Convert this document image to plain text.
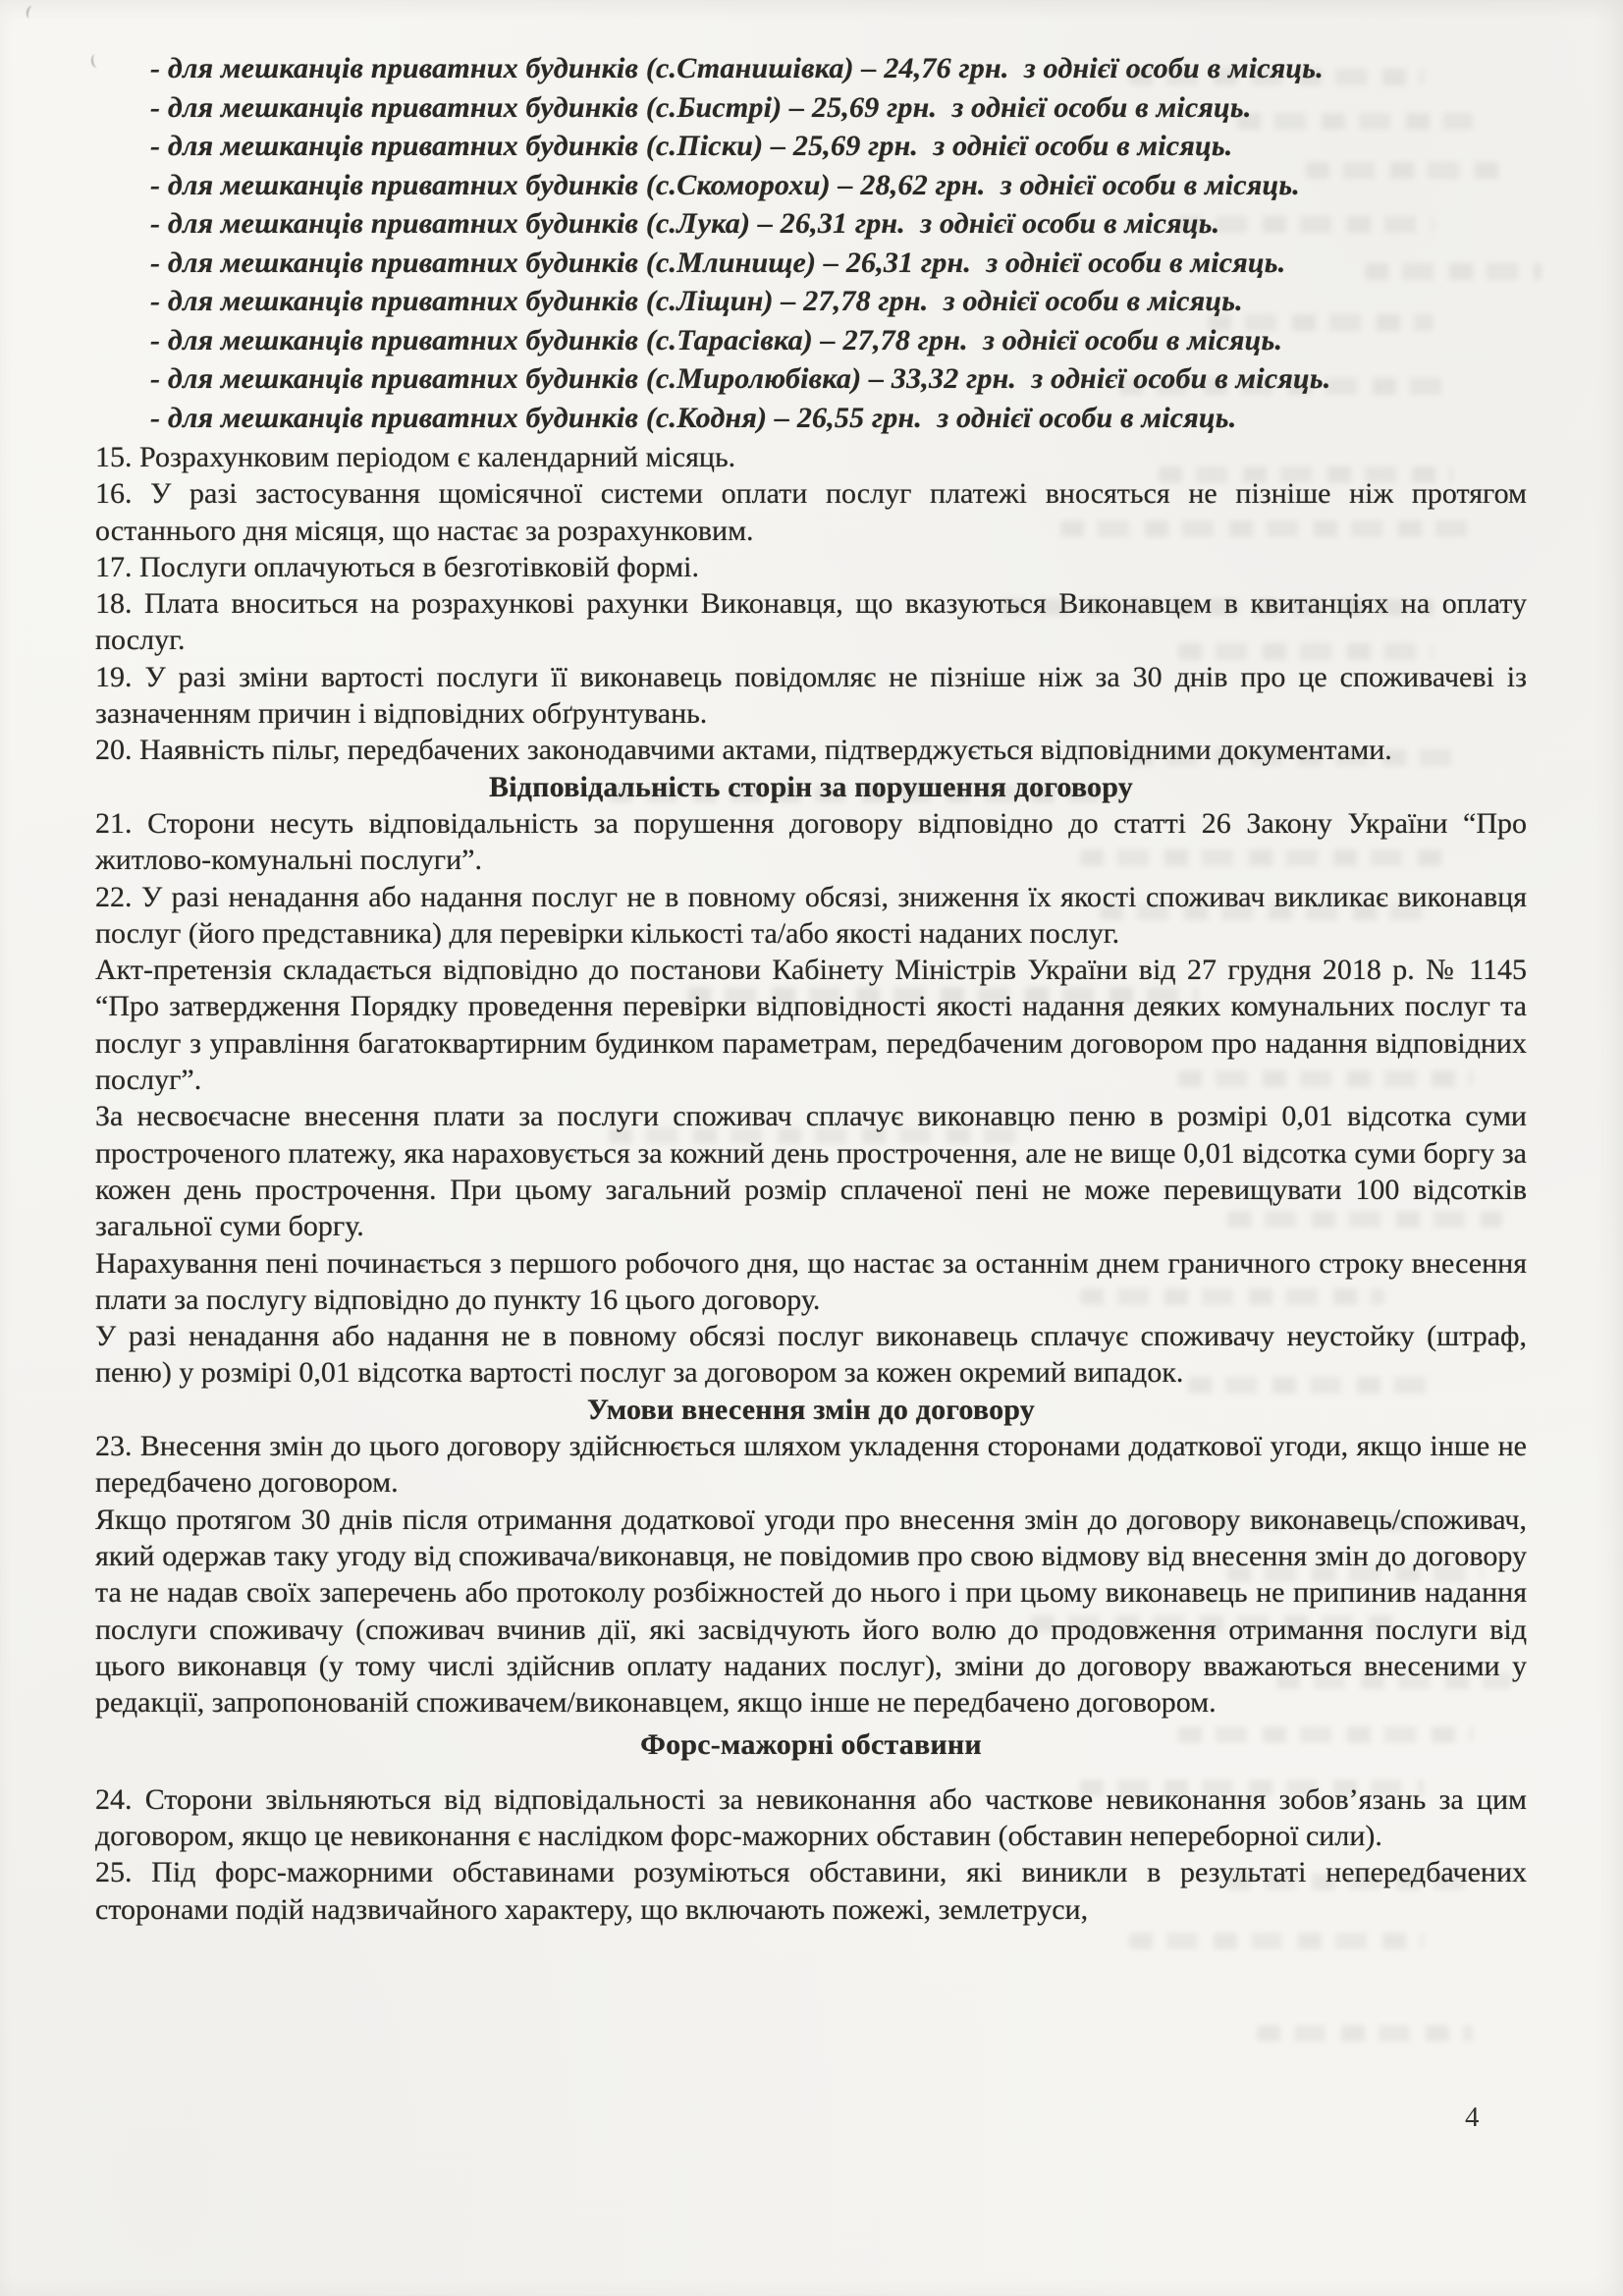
- для мешканців приватних будинків (с.Станишівка) – 24,76 грн.  з однієї особи в місяць.
- для мешканців приватних будинків (с.Бистрі) – 25,69 грн.  з однієї особи в місяць.
- для мешканців приватних будинків (с.Піски) – 25,69 грн.  з однієї особи в місяць.
- для мешканців приватних будинків (с.Скоморохи) – 28,62 грн.  з однієї особи в місяць.
- для мешканців приватних будинків (с.Лука) – 26,31 грн.  з однієї особи в місяць.
- для мешканців приватних будинків (с.Млинище) – 26,31 грн.  з однієї особи в місяць.
- для мешканців приватних будинків (с.Ліщин) – 27,78 грн.  з однієї особи в місяць.
- для мешканців приватних будинків (с.Тарасівка) – 27,78 грн.  з однієї особи в місяць.
- для мешканців приватних будинків (с.Миролюбівка) – 33,32 грн.  з однієї особи в місяць.
- для мешканців приватних будинків (с.Кодня) – 26,55 грн.  з однієї особи в місяць.

15. Розрахунковим періодом є календарний місяць.

16. У разі застосування щомісячної системи оплати послуг платежі вносяться не пізніше ніж протягом останнього дня місяця, що настає за розрахунковим.

17. Послуги оплачуються в безготівковій формі.

18. Плата вноситься на розрахункові рахунки Виконавця, що вказуються Виконавцем в квитанціях на оплату послуг.

19. У разі зміни вартості послуги її виконавець повідомляє не пізніше ніж за 30 днів про це споживачеві із зазначенням причин і відповідних обґрунтувань.

20. Наявність пільг, передбачених законодавчими актами, підтверджується відповідними документами.

Відповідальність сторін за порушення договору

21. Сторони несуть відповідальність за порушення договору відповідно до статті 26 Закону України “Про житлово-комунальні послуги”.

22. У разі ненадання або надання послуг не в повному обсязі, зниження їх якості споживач викликає виконавця послуг (його представника) для перевірки кількості та/або якості наданих послуг.

Акт-претензія складається відповідно до постанови Кабінету Міністрів України від 27 грудня 2018 р. № 1145 “Про затвердження Порядку проведення перевірки відповідності якості надання деяких комунальних послуг та послуг з управління багатоквартирним будинком параметрам, передбаченим договором про надання відповідних послуг”.

За несвоєчасне внесення плати за послуги споживач сплачує виконавцю пеню в розмірі 0,01 відсотка суми простроченого платежу, яка нараховується за кожний день прострочення, але не вище 0,01 відсотка суми боргу за кожен день прострочення. При цьому загальний розмір сплаченої пені не може перевищувати 100 відсотків загальної суми боргу.

Нарахування пені починається з першого робочого дня, що настає за останнім днем граничного строку внесення плати за послугу відповідно до пункту 16 цього договору.

У разі ненадання або надання не в повному обсязі послуг виконавець сплачує споживачу неустойку (штраф, пеню) у розмірі 0,01 відсотка вартості послуг за договором за кожен окремий випадок.

Умови внесення змін до договору

23. Внесення змін до цього договору здійснюється шляхом укладення сторонами додаткової угоди, якщо інше не передбачено договором.

Якщо протягом 30 днів після отримання додаткової угоди про внесення змін до договору виконавець/споживач, який одержав таку угоду від споживача/виконавця, не повідомив про свою відмову від внесення змін до договору та не надав своїх заперечень або протоколу розбіжностей до нього і при цьому виконавець не припинив надання послуги споживачу (споживач вчинив дії, які засвідчують його волю до продовження отримання послуги від цього виконавця (у тому числі здійснив оплату наданих послуг), зміни до договору вважаються внесеними у редакції, запропонованій споживачем/виконавцем, якщо інше не передбачено договором.

Форс-мажорні обставини

24. Сторони звільняються від відповідальності за невиконання або часткове невиконання зобов’язань за цим договором, якщо це невиконання є наслідком форс-мажорних обставин (обставин непереборної сили).

25. Під форс-мажорними обставинами розуміються обставини, які виникли в результаті непередбачених сторонами подій надзвичайного характеру, що включають пожежі, землетруси,

4
